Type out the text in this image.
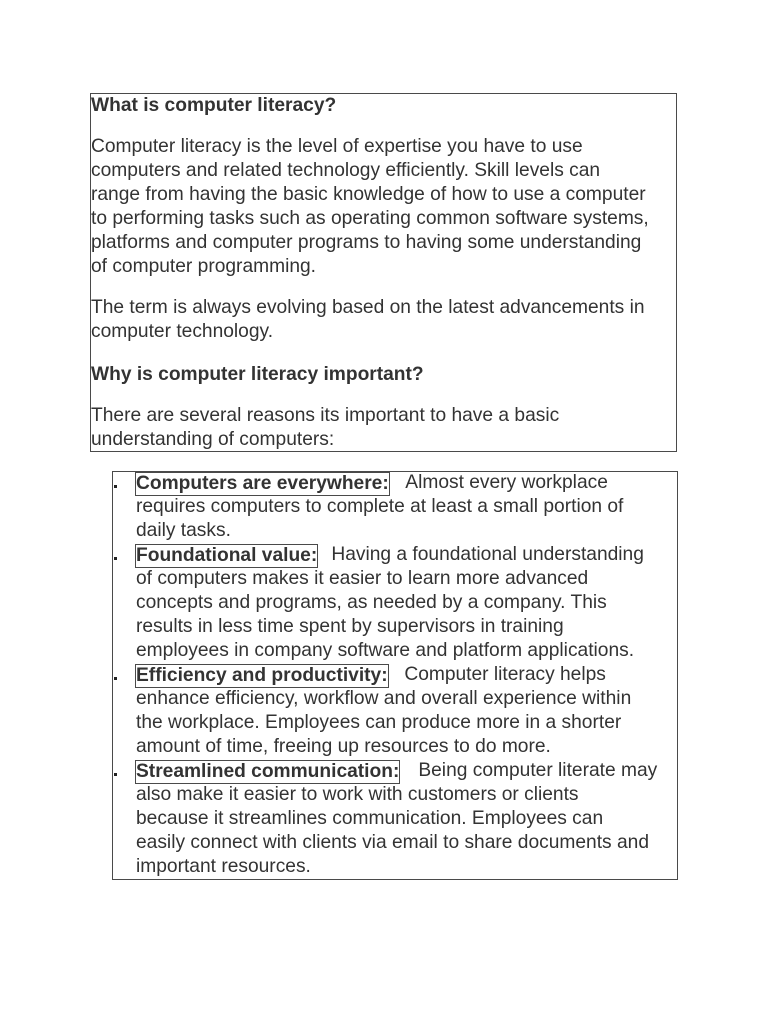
What is computer literacy?
Computer literacy is the level of expertise you have to use
computers and related technology efficiently. Skill levels can
range from having the basic knowledge of how to use a computer
to performing tasks such as operating common software systems,
platforms and computer programs to having some understanding
of computer programming.
The term is always evolving based on the latest advancements in
computer technology.
Why is computer literacy important?
There are several reasons its important to have a basic
understanding of computers:
Computers are everywhere: Almost every workplace
requires computers to complete at least a small portion of
daily tasks.
Foundational value: Having a foundational understanding
of computers makes it easier to learn more advanced
concepts and programs, as needed by a company. This
results in less time spent by supervisors in training
employees in company software and platform applications.
Efficiency and productivity: Computer literacy helps
enhance efficiency, workflow and overall experience within
the workplace. Employees can produce more in a shorter
amount of time, freeing up resources to do more.
Streamlined communication: Being computer literate may
also make it easier to work with customers or clients
because it streamlines communication. Employees can
easily connect with clients via email to share documents and
important resources.
